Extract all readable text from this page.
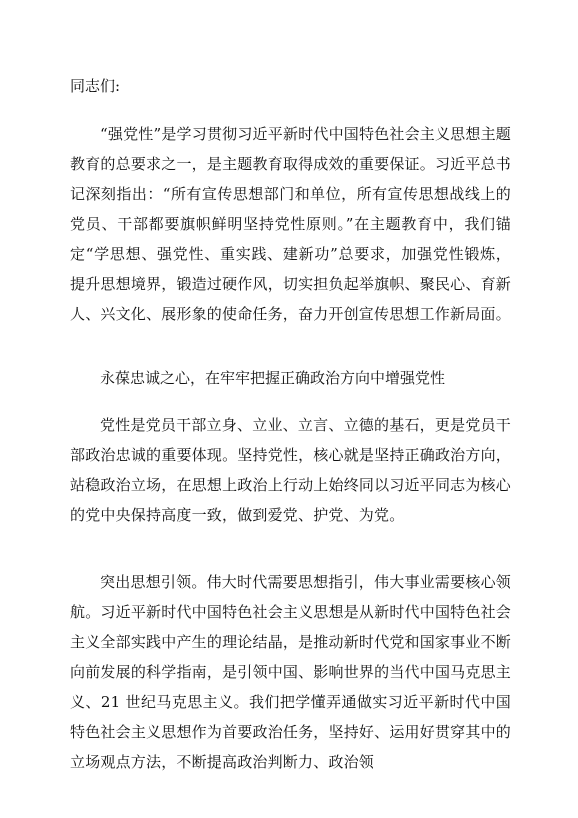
同志们:

“强党性”是学习贯彻习近平新时代中国特色社会主义思想主题教育的总要求之一，是主题教育取得成效的重要保证。习近平总书记深刻指出：“所有宣传思想部门和单位，所有宣传思想战线上的党员、干部都要旗帜鲜明坚持党性原则。”在主题教育中，我们锚定“学思想、强党性、重实践、建新功”总要求，加强党性锻炼，提升思想境界，锻造过硬作风，切实担负起举旗帜、聚民心、育新人、兴文化、展形象的使命任务，奋力开创宣传思想工作新局面。

永葆忠诚之心，在牢牢把握正确政治方向中增强党性

党性是党员干部立身、立业、立言、立德的基石，更是党员干部政治忠诚的重要体现。坚持党性，核心就是坚持正确政治方向，站稳政治立场，在思想上政治上行动上始终同以习近平同志为核心的党中央保持高度一致，做到爱党、护党、为党。

突出思想引领。伟大时代需要思想指引，伟大事业需要核心领航。习近平新时代中国特色社会主义思想是从新时代中国特色社会主义全部实践中产生的理论结晶，是推动新时代党和国家事业不断向前发展的科学指南，是引领中国、影响世界的当代中国马克思主义、21 世纪马克思主义。我们把学懂弄通做实习近平新时代中国特色社会主义思想作为首要政治任务，坚持好、运用好贯穿其中的立场观点方法，不断提高政治判断力、政治领
